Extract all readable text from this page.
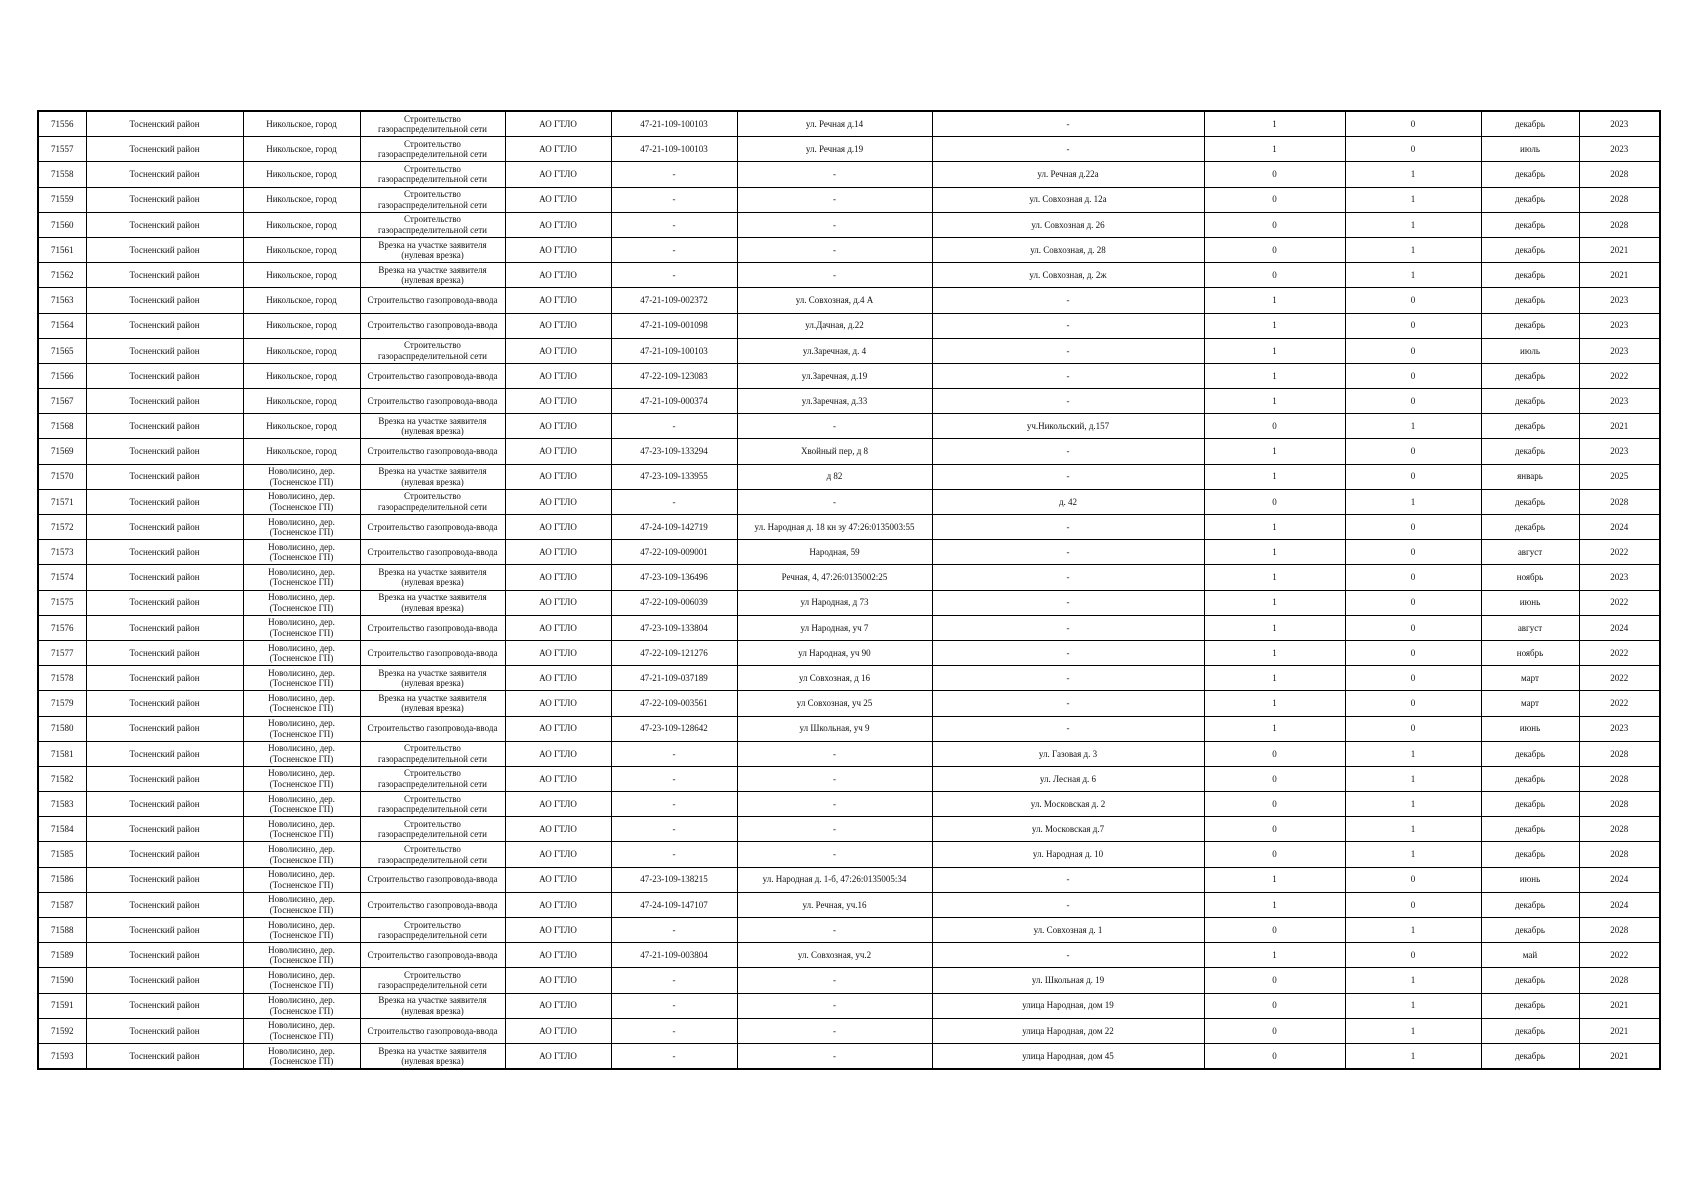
71556	Тосненский район	Никольское, город	Строительство газораспределительной сети	АО ГТЛО	47-21-109-100103	ул. Речная д.14	-	1	0	декабрь	2023
71557	Тосненский район	Никольское, город	Строительство газораспределительной сети	АО ГТЛО	47-21-109-100103	ул. Речная д.19	-	1	0	июль	2023
71558	Тосненский район	Никольское, город	Строительство газораспределительной сети	АО ГТЛО	-	-	ул. Речная д.22а	0	1	декабрь	2028
71559	Тосненский район	Никольское, город	Строительство газораспределительной сети	АО ГТЛО	-	-	ул. Совхозная д. 12а	0	1	декабрь	2028
71560	Тосненский район	Никольское, город	Строительство газораспределительной сети	АО ГТЛО	-	-	ул. Совхозная д. 26	0	1	декабрь	2028
71561	Тосненский район	Никольское, город	Врезка на участке заявителя (нулевая врезка)	АО ГТЛО	-	-	ул. Совхозная, д. 28	0	1	декабрь	2021
71562	Тосненский район	Никольское, город	Врезка на участке заявителя (нулевая врезка)	АО ГТЛО	-	-	ул. Совхозная, д. 2ж	0	1	декабрь	2021
71563	Тосненский район	Никольское, город	Строительство газопровода-ввода	АО ГТЛО	47-21-109-002372	ул. Совхозная, д.4 А	-	1	0	декабрь	2023
71564	Тосненский район	Никольское, город	Строительство газопровода-ввода	АО ГТЛО	47-21-109-001098	ул.Дачная, д.22	-	1	0	декабрь	2023
71565	Тосненский район	Никольское, город	Строительство газораспределительной сети	АО ГТЛО	47-21-109-100103	ул.Заречная, д. 4	-	1	0	июль	2023
71566	Тосненский район	Никольское, город	Строительство газопровода-ввода	АО ГТЛО	47-22-109-123083	ул.Заречная, д.19	-	1	0	декабрь	2022
71567	Тосненский район	Никольское, город	Строительство газопровода-ввода	АО ГТЛО	47-21-109-000374	ул.Заречная, д.33	-	1	0	декабрь	2023
71568	Тосненский район	Никольское, город	Врезка на участке заявителя (нулевая врезка)	АО ГТЛО	-	-	уч.Никольский, д.157	0	1	декабрь	2021
71569	Тосненский район	Никольское, город	Строительство газопровода-ввода	АО ГТЛО	47-23-109-133294	Хвойный пер, д 8	-	1	0	декабрь	2023
71570	Тосненский район	Новолисино, дер. (Тосненское ГП)	Врезка на участке заявителя (нулевая врезка)	АО ГТЛО	47-23-109-133955	д 82	-	1	0	январь	2025
71571	Тосненский район	Новолисино, дер. (Тосненское ГП)	Строительство газораспределительной сети	АО ГТЛО	-	-	д. 42	0	1	декабрь	2028
71572	Тосненский район	Новолисино, дер. (Тосненское ГП)	Строительство газопровода-ввода	АО ГТЛО	47-24-109-142719	ул. Народная д. 18 кн зу 47:26:0135003:55	-	1	0	декабрь	2024
71573	Тосненский район	Новолисино, дер. (Тосненское ГП)	Строительство газопровода-ввода	АО ГТЛО	47-22-109-009001	Народная, 59	-	1	0	август	2022
71574	Тосненский район	Новолисино, дер. (Тосненское ГП)	Врезка на участке заявителя (нулевая врезка)	АО ГТЛО	47-23-109-136496	Речная, 4, 47:26:0135002:25	-	1	0	ноябрь	2023
71575	Тосненский район	Новолисино, дер. (Тосненское ГП)	Врезка на участке заявителя (нулевая врезка)	АО ГТЛО	47-22-109-006039	ул Народная, д 73	-	1	0	июнь	2022
71576	Тосненский район	Новолисино, дер. (Тосненское ГП)	Строительство газопровода-ввода	АО ГТЛО	47-23-109-133804	ул Народная, уч 7	-	1	0	август	2024
71577	Тосненский район	Новолисино, дер. (Тосненское ГП)	Строительство газопровода-ввода	АО ГТЛО	47-22-109-121276	ул Народная, уч 90	-	1	0	ноябрь	2022
71578	Тосненский район	Новолисино, дер. (Тосненское ГП)	Врезка на участке заявителя (нулевая врезка)	АО ГТЛО	47-21-109-037189	ул Совхозная, д 16	-	1	0	март	2022
71579	Тосненский район	Новолисино, дер. (Тосненское ГП)	Врезка на участке заявителя (нулевая врезка)	АО ГТЛО	47-22-109-003561	ул Совхозная, уч 25	-	1	0	март	2022
71580	Тосненский район	Новолисино, дер. (Тосненское ГП)	Строительство газопровода-ввода	АО ГТЛО	47-23-109-128642	ул Школьная, уч 9	-	1	0	июнь	2023
71581	Тосненский район	Новолисино, дер. (Тосненское ГП)	Строительство газораспределительной сети	АО ГТЛО	-	-	ул. Газовая д. 3	0	1	декабрь	2028
71582	Тосненский район	Новолисино, дер. (Тосненское ГП)	Строительство газораспределительной сети	АО ГТЛО	-	-	ул. Лесная д. 6	0	1	декабрь	2028
71583	Тосненский район	Новолисино, дер. (Тосненское ГП)	Строительство газораспределительной сети	АО ГТЛО	-	-	ул. Московская д. 2	0	1	декабрь	2028
71584	Тосненский район	Новолисино, дер. (Тосненское ГП)	Строительство газораспределительной сети	АО ГТЛО	-	-	ул. Московская д.7	0	1	декабрь	2028
71585	Тосненский район	Новолисино, дер. (Тосненское ГП)	Строительство газораспределительной сети	АО ГТЛО	-	-	ул. Народная д. 10	0	1	декабрь	2028
71586	Тосненский район	Новолисино, дер. (Тосненское ГП)	Строительство газопровода-ввода	АО ГТЛО	47-23-109-138215	ул. Народная д. 1-б, 47:26:0135005:34	-	1	0	июнь	2024
71587	Тосненский район	Новолисино, дер. (Тосненское ГП)	Строительство газопровода-ввода	АО ГТЛО	47-24-109-147107	ул. Речная, уч.16	-	1	0	декабрь	2024
71588	Тосненский район	Новолисино, дер. (Тосненское ГП)	Строительство газораспределительной сети	АО ГТЛО	-	-	ул. Совхозная д. 1	0	1	декабрь	2028
71589	Тосненский район	Новолисино, дер. (Тосненское ГП)	Строительство газопровода-ввода	АО ГТЛО	47-21-109-003804	ул. Совхозная, уч.2	-	1	0	май	2022
71590	Тосненский район	Новолисино, дер. (Тосненское ГП)	Строительство газораспределительной сети	АО ГТЛО	-	-	ул. Школьная д. 19	0	1	декабрь	2028
71591	Тосненский район	Новолисино, дер. (Тосненское ГП)	Врезка на участке заявителя (нулевая врезка)	АО ГТЛО	-	-	улица Народная, дом 19	0	1	декабрь	2021
71592	Тосненский район	Новолисино, дер. (Тосненское ГП)	Строительство газопровода-ввода	АО ГТЛО	-	-	улица Народная, дом 22	0	1	декабрь	2021
71593	Тосненский район	Новолисино, дер. (Тосненское ГП)	Врезка на участке заявителя (нулевая врезка)	АО ГТЛО	-	-	улица Народная, дом 45	0	1	декабрь	2021
